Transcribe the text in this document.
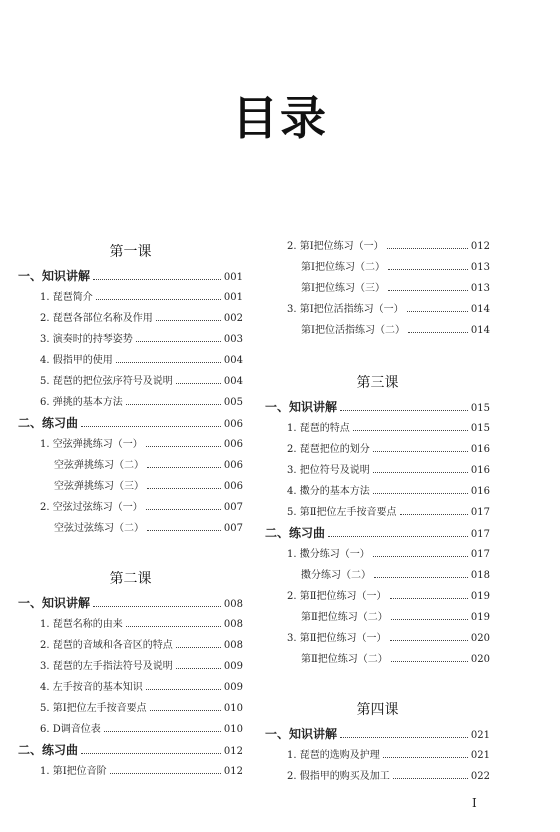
目录
第一课
一、知识讲解	001
1. 琵琶简介	001
2. 琵琶各部位名称及作用	002
3. 演奏时的持琴姿势	003
4. 假指甲的使用	004
5. 琵琶的把位弦序符号及说明	004
6. 弹挑的基本方法	005
二、练习曲	006
1. 空弦弹挑练习（一）	006
空弦弹挑练习（二）	006
空弦弹挑练习（三）	006
2. 空弦过弦练习（一）	007
空弦过弦练习（二）	007
第二课
一、知识讲解	008
1. 琵琶名称的由来	008
2. 琵琶的音域和各音区的特点	008
3. 琵琶的左手指法符号及说明	009
4. 左手按音的基本知识	009
5. 第Ⅰ把位左手按音要点	010
6. D调音位表	010
二、练习曲	012
1. 第Ⅰ把位音阶	012
2. 第Ⅰ把位练习（一）	012
第Ⅰ把位练习（二）	013
第Ⅰ把位练习（三）	013
3. 第Ⅰ把位活指练习（一）	014
第Ⅰ把位活指练习（二）	014
第三课
一、知识讲解	015
1. 琵琶的特点	015
2. 琵琶把位的划分	016
3. 把位符号及说明	016
4. 擞分的基本方法	016
5. 第Ⅱ把位左手按音要点	017
二、练习曲	017
1. 擞分练习（一）	017
擞分练习（二）	018
2. 第Ⅱ把位练习（一）	019
第Ⅱ把位练习（二）	019
3. 第Ⅱ把位练习（一）	020
第Ⅱ把位练习（二）	020
第四课
一、知识讲解	021
1. 琵琶的选购及护理	021
2. 假指甲的购买及加工	022
I
